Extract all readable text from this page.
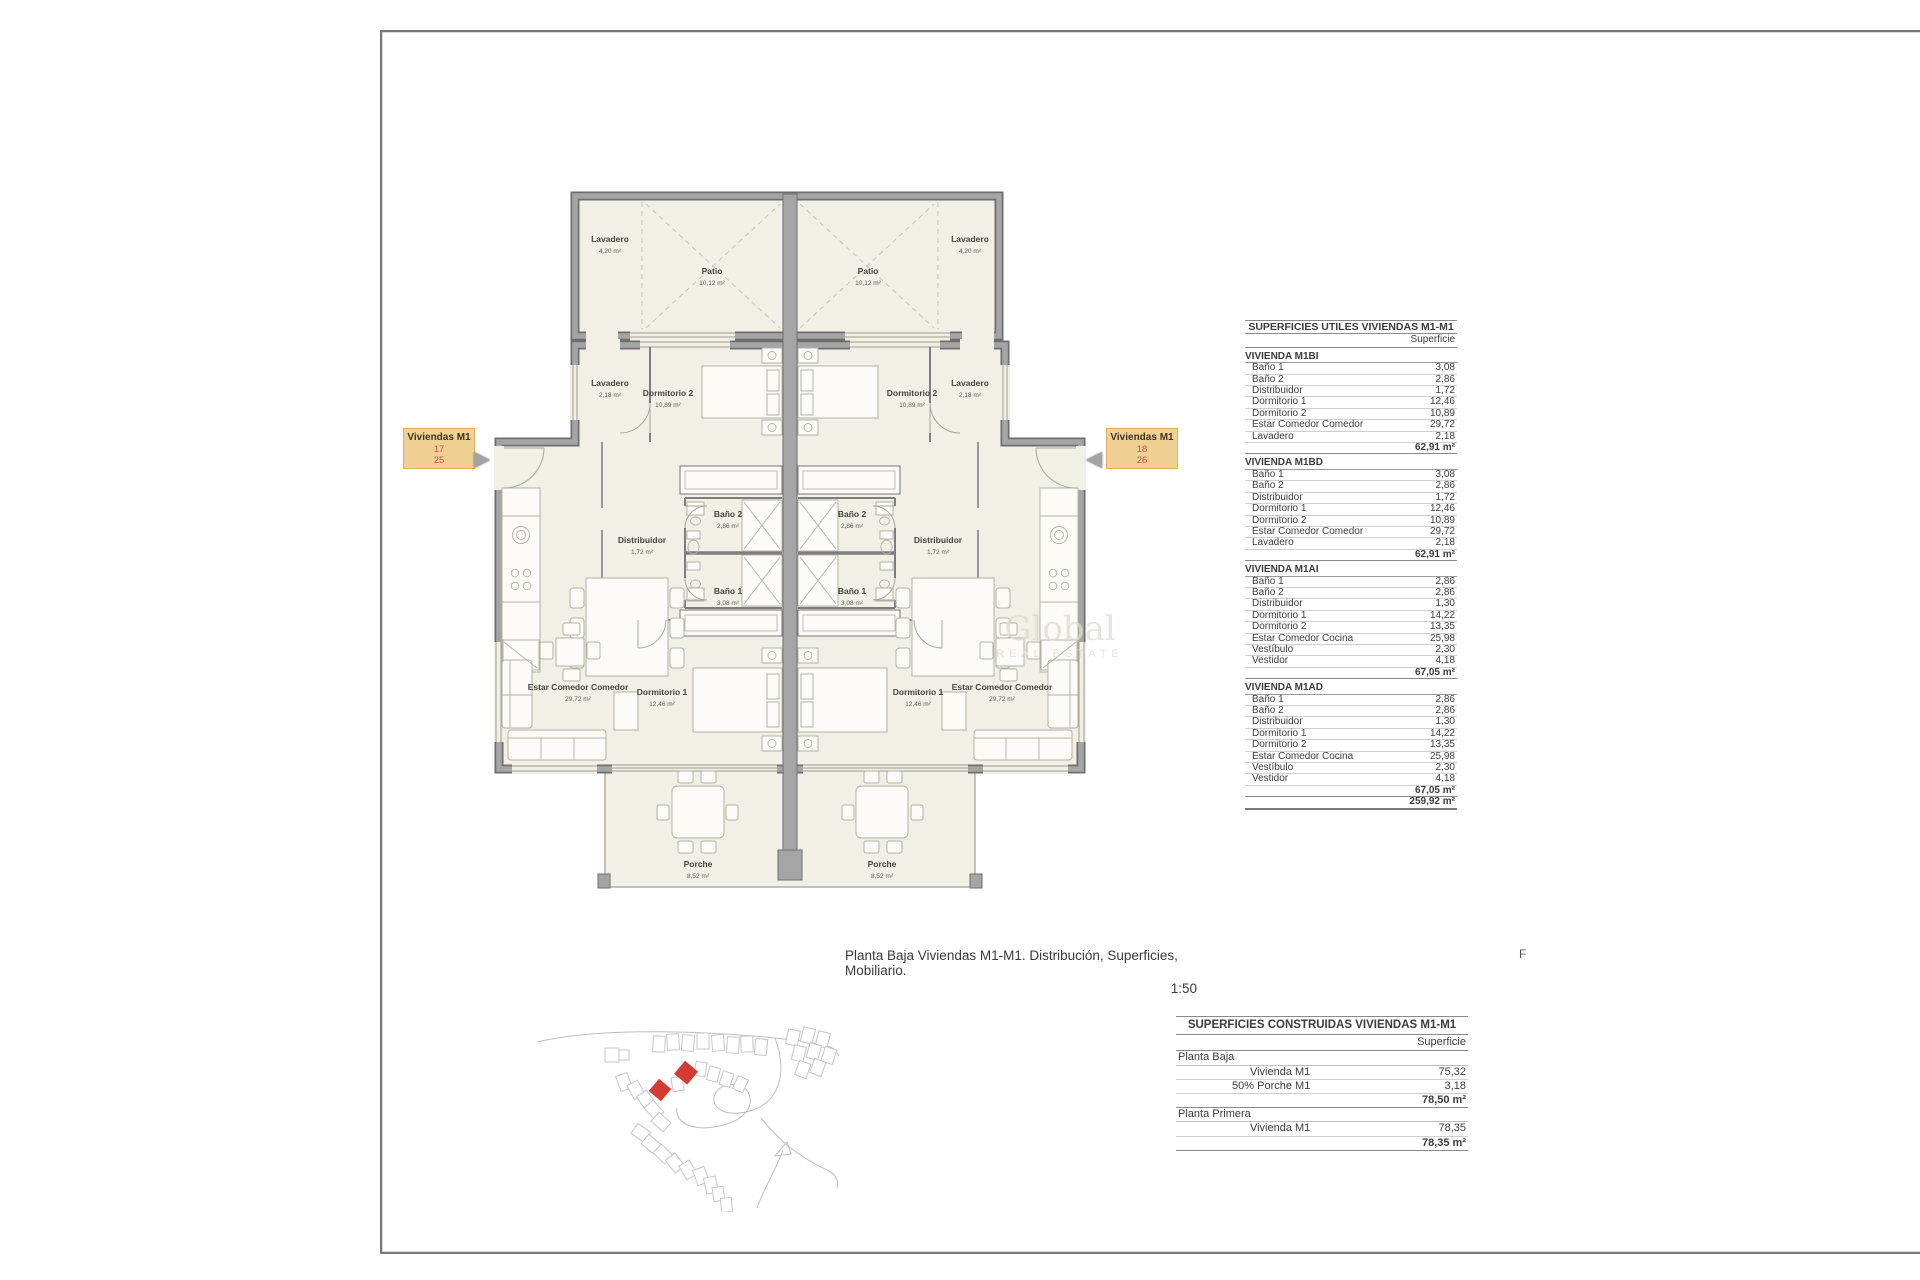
Lavadero
4,20 m²
Patio
10,12 m²
Patio
10,12 m²
Lavadero
4,20 m²
Lavadero
2,18 m²	Dormitorio 2
10,89 m²
Dormitorio 2
10,89 m²
Lavadero
2,18 m²
Baño 2
2,86 m²
Baño 2
2,86 m²
Distribuidor
1,72 m²
Distribuidor
1,72 m²
Baño 1
3,08 m²
Baño 1
3,08 m²
Estar Comedor Comedor
29,72 m²
Estar Comedor Comedor
29,72 m²
Dormitorio 1
12,46 m²
Dormitorio 1
12,46 m²
Porche
8,52 m²
Porche
8,52 m²
Global
REAL ESTATE
Viviendas M1
17
25
Viviendas M1
18
26
SUPERFICIES UTILES VIVIENDAS M1-M1
Superficie
VIVIENDA M1BI
Baño 1	3,08
Baño 2	2,86
Distribuidor	1,72
Dormitorio 1	12,46
Dormitorio 2	10,89
Estar Comedor Comedor	29,72
Lavadero	2,18
62,91 m²
VIVIENDA M1BD
Baño 1	3,08
Baño 2	2,86
Distribuidor	1,72
Dormitorio 1	12,46
Dormitorio 2	10,89
Estar Comedor Comedor	29,72
Lavadero	2,18
62,91 m²
VIVIENDA M1AI
Baño 1	2,86
Baño 2	2,86
Distribuidor	1,30
Dormitorio 1	14,22
Dormitorio 2	13,35
Estar Comedor Cocina	25,98
Vestíbulo	2,30
Vestidor	4,18
67,05 m²
VIVIENDA M1AD
Baño 1	2,86
Baño 2	2,86
Distribuidor	1,30
Dormitorio 1	14,22
Dormitorio 2	13,35
Estar Comedor Cocina	25,98
Vestíbulo	2,30
Vestidor	4,18
67,05 m²
259,92 m²
Planta Baja Viviendas M1-M1. Distribución, Superficies, Mobiliario.
1:50
F
SUPERFICIES CONSTRUIDAS VIVIENDAS M1-M1
Superficie
Planta Baja
Vivienda M1	75,32
50% Porche M1	3,18
78,50 m²
Planta Primera
Vivienda M1	78,35
78,35 m²
